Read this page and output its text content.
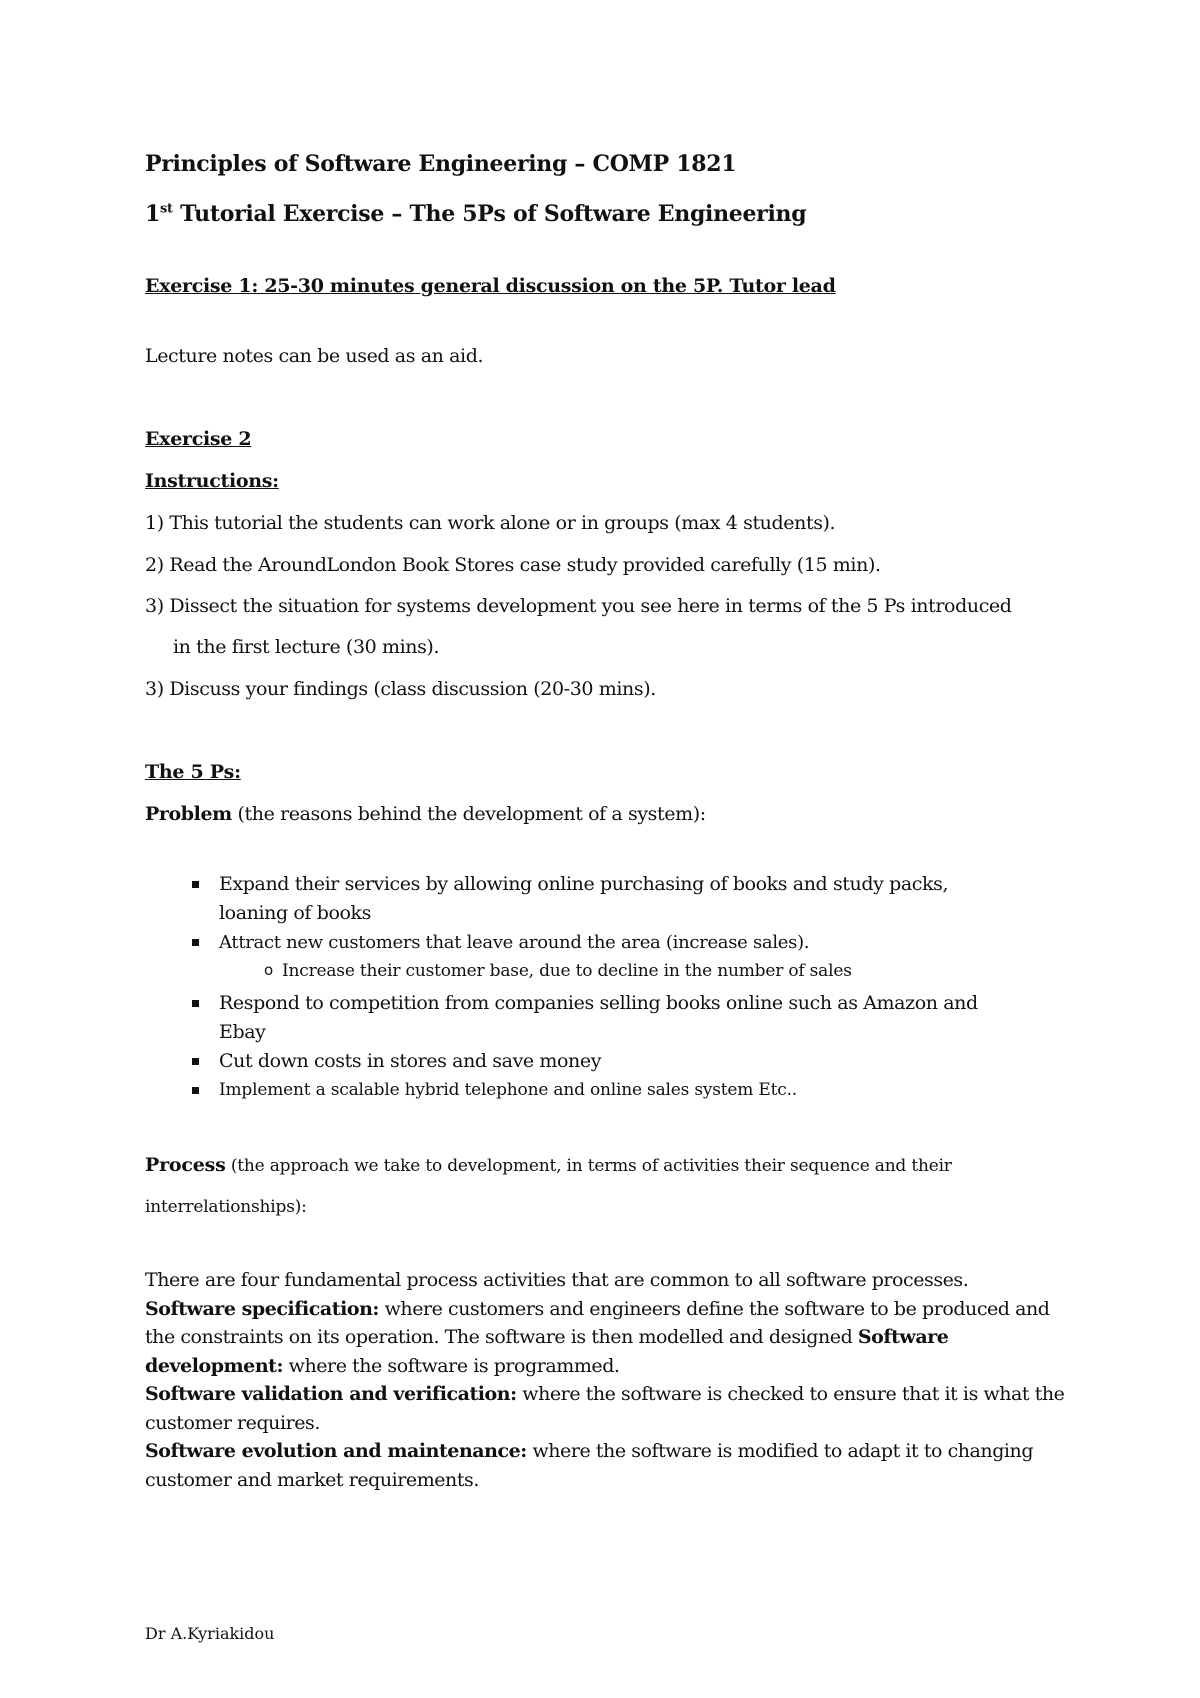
Principles of Software Engineering – COMP 1821
1st Tutorial Exercise – The 5Ps of Software Engineering
Exercise 1: 25-30 minutes general discussion on the 5P. Tutor lead
Lecture notes can be used as an aid.
Exercise 2
Instructions:
1) This tutorial the students can work alone or in groups (max 4 students).
2) Read the AroundLondon Book Stores case study provided carefully (15 min).
3) Dissect the situation for systems development you see here in terms of the 5 Ps introduced
in the first lecture (30 mins).
3) Discuss your findings (class discussion (20-30 mins).
The 5 Ps:
Problem (the reasons behind the development of a system):
Expand their services by allowing online purchasing of books and study packs,
loaning of books
Attract new customers that leave around the area (increase sales).
o Increase their customer base, due to decline in the number of sales
Respond to competition from companies selling books online such as Amazon and
Ebay
Cut down costs in stores and save money
Implement a scalable hybrid telephone and online sales system Etc..
Process (the approach we take to development, in terms of activities their sequence and their
interrelationships):
There are four fundamental process activities that are common to all software processes.
Software specification: where customers and engineers define the software to be produced and the constraints on its operation. The software is then modelled and designed Software development: where the software is programmed.
Software validation and verification: where the software is checked to ensure that it is what the customer requires.
Software evolution and maintenance: where the software is modified to adapt it to changing customer and market requirements.
Dr A.Kyriakidou
